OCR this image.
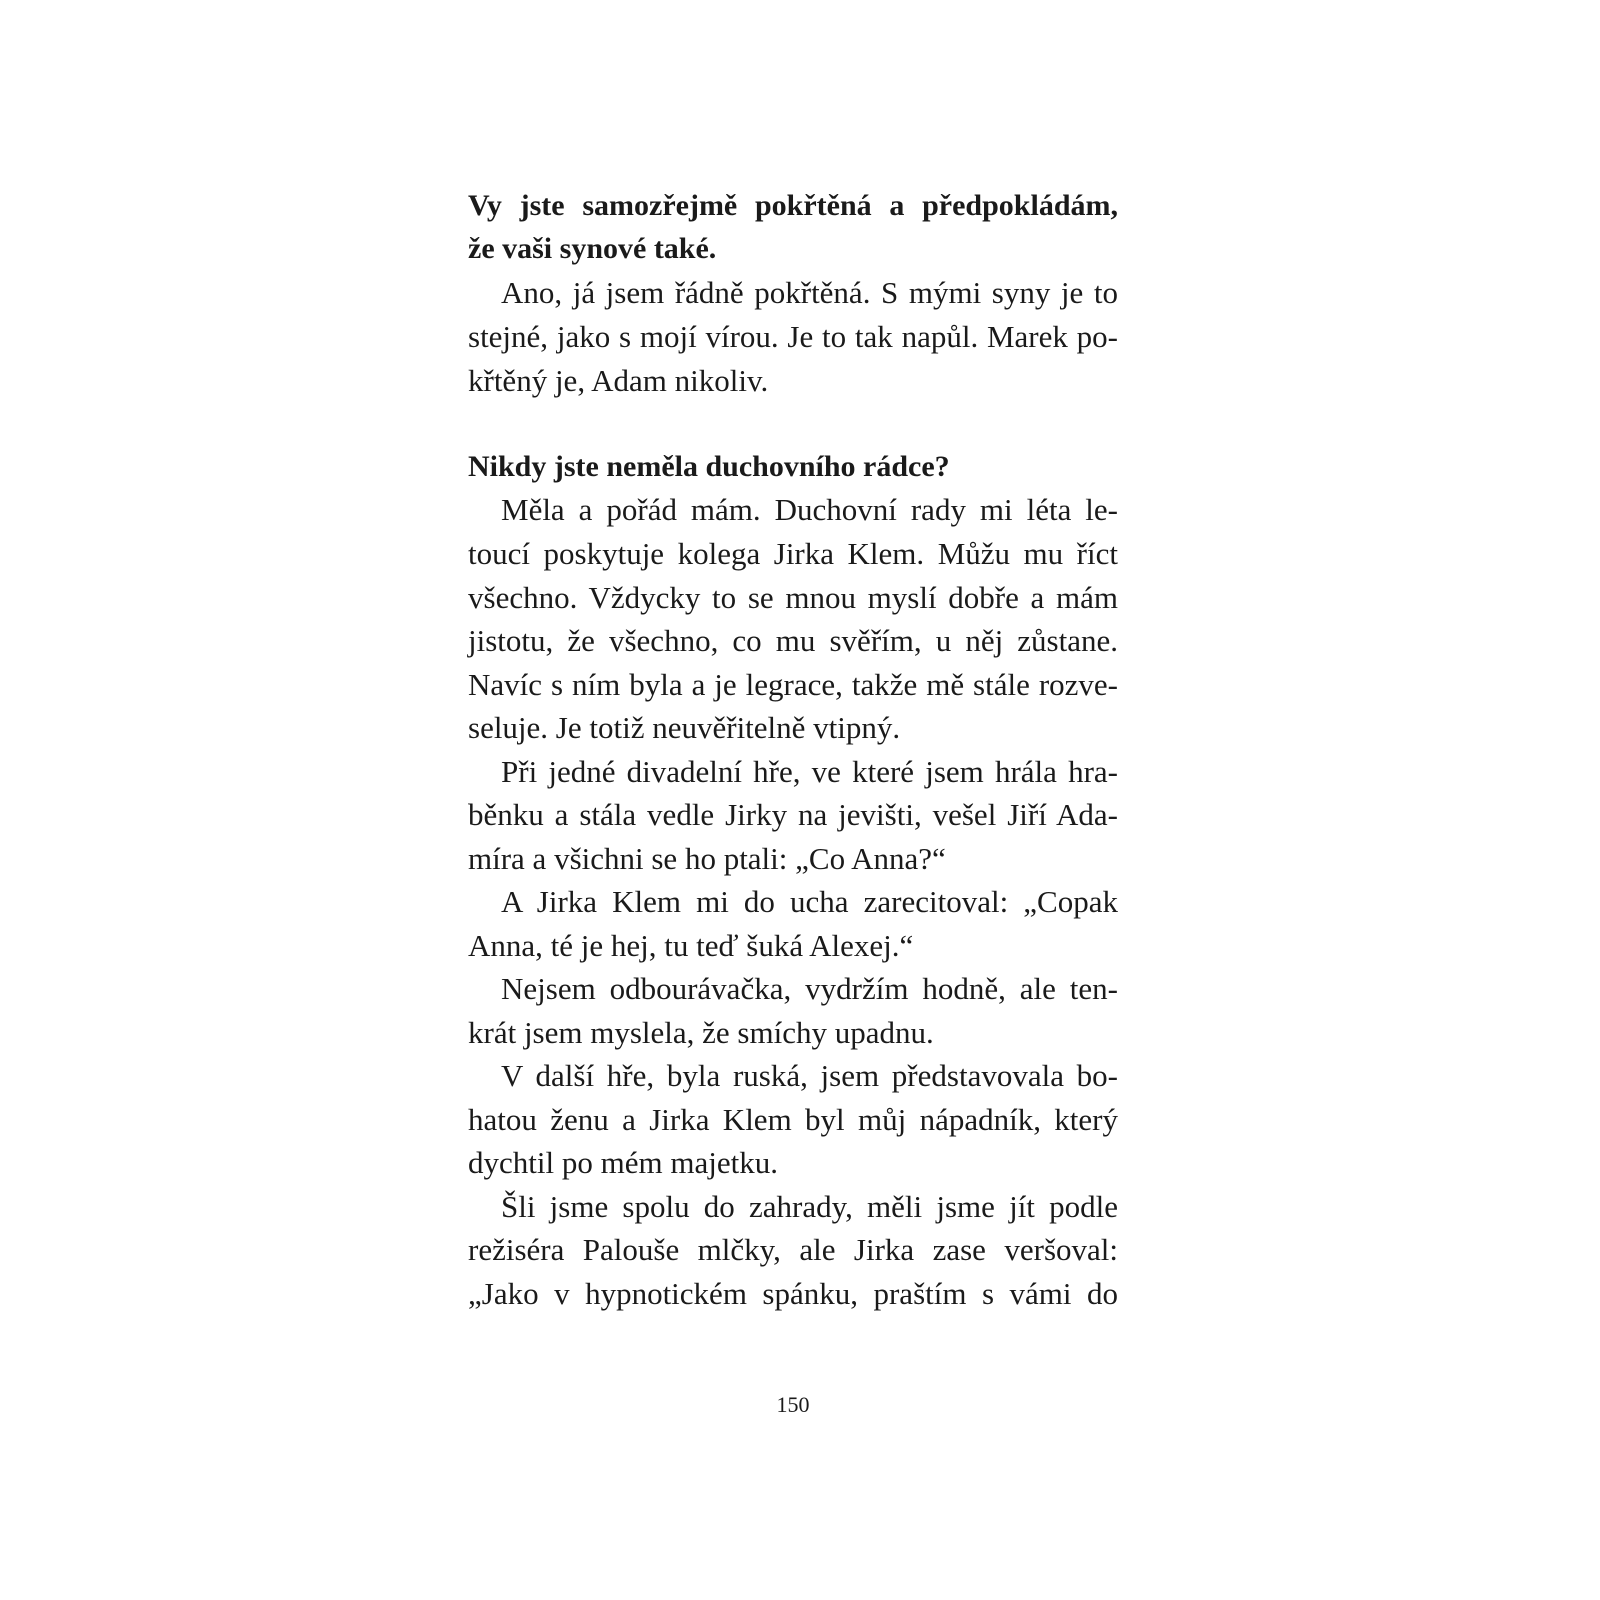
Vy jste samozřejmě pokřtěná a předpokládám,
že vaši synové také.
Ano, já jsem řádně pokřtěná. S mými syny je to
stejné, jako s mojí vírou. Je to tak napůl. Marek po-
křtěný je, Adam nikoliv.
Nikdy jste neměla duchovního rádce?
Měla a pořád mám. Duchovní rady mi léta le-
toucí poskytuje kolega Jirka Klem. Můžu mu říct
všechno. Vždycky to se mnou myslí dobře a mám
jistotu, že všechno, co mu svěřím, u něj zůstane.
Navíc s ním byla a je legrace, takže mě stále rozve-
seluje. Je totiž neuvěřitelně vtipný.
Při jedné divadelní hře, ve které jsem hrála hra-
běnku a stála vedle Jirky na jevišti, vešel Jiří Ada-
míra a všichni se ho ptali: „Co Anna?“
A Jirka Klem mi do ucha zarecitoval: „Copak
Anna, té je hej, tu teď šuká Alexej.“
Nejsem odbourávačka, vydržím hodně, ale ten-
krát jsem myslela, že smíchy upadnu.
V další hře, byla ruská, jsem představovala bo-
hatou ženu a Jirka Klem byl můj nápadník, který
dychtil po mém majetku.
Šli jsme spolu do zahrady, měli jsme jít podle
režiséra Palouše mlčky, ale Jirka zase veršoval:
„Jako v hypnotickém spánku, praštím s vámi do
150
